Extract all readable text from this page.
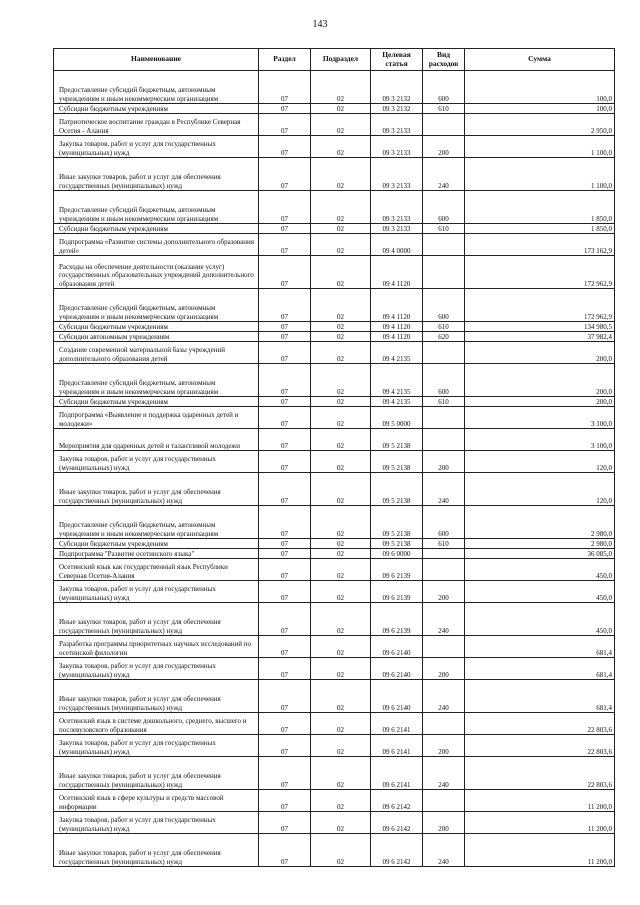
143
Наименование	Раздел	Подраздел	Целевая статья	Вид расходов	Сумма
Предоставление субсидий бюджетным, автономным учреждениям и иным некоммерческим организациям	07	02	09 3 2132	600	100,0
Субсидии бюджетным учреждениям	07	02	09 3 2132	610	100,0
Патриотическое воспитание граждан в Республике Северная Осетия - Алания	07	02	09 3 2133		2 950,0
Закупка товаров, работ и услуг для государственных (муниципальных) нужд	07	02	09 3 2133	200	1 100,0
Иные закупки товаров, работ и услуг для обеспечения государственных (муниципальных) нужд	07	02	09 3 2133	240	1 100,0
Предоставление субсидий бюджетным, автономным учреждениям и иным некоммерческим организациям	07	02	09 3 2133	600	1 850,0
Субсидии бюджетным учреждениям	07	02	09 3 2133	610	1 850,0
Подпрограмма «Развитие системы дополнительного образования детей»	07	02	09 4 0000		173 162,9
Расходы на обеспечение деятельности (оказание услуг) государственных образовательных учреждений дополнительного образования детей	07	02	09 4 1120		172 962,9
Предоставление субсидий бюджетным, автономным учреждениям и иным некоммерческим организациям	07	02	09 4 1120	600	172 962,9
Субсидии бюджетным учреждениям	07	02	09 4 1120	610	134 980,5
Субсидии автономным учреждениям	07	02	09 4 1120	620	37 982,4
Создание современной материальной базы учреждений дополнительного образования детей	07	02	09 4 2135		200,0
Предоставление субсидий бюджетным, автономным учреждениям и иным некоммерческим организациям	07	02	09 4 2135	600	200,0
Субсидии бюджетным учреждениям	07	02	09 4 2135	610	200,0
Подпрограмма «Выявление и поддержка одаренных детей и молодежи»	07	02	09 5 0000		3 100,0
Мероприятия для одаренных детей и талантливой молодежи	07	02	09 5 2138		3 100,0
Закупка товаров, работ и услуг для государственных (муниципальных) нужд	07	02	09 5 2138	200	120,0
Иные закупки товаров, работ и услуг для обеспечения государственных (муниципальных) нужд	07	02	09 5 2138	240	120,0
Предоставление субсидий бюджетным, автономным учреждениям и иным некоммерческим организациям	07	02	09 5 2138	600	2 980,0
Субсидии бюджетным учреждениям	07	02	09 5 2138	610	2 980,0
Подпрограмма "Развитие осетинского языка"	07	02	09 6 0000		36 085,0
Осетинский язык как государственный язык Республики Северная Осетия-Алания	07	02	09 6 2139		450,0
Закупка товаров, работ и услуг для государственных (муниципальных) нужд	07	02	09 6 2139	200	450,0
Иные закупки товаров, работ и услуг для обеспечения государственных (муниципальных) нужд	07	02	09 6 2139	240	450,0
Разработка программы приоритетных научных исследований по осетинской филологии	07	02	09 6 2140		681,4
Закупка товаров, работ и услуг для государственных (муниципальных) нужд	07	02	09 6 2140	200	681,4
Иные закупки товаров, работ и услуг для обеспечения государственных (муниципальных) нужд	07	02	09 6 2140	240	681,4
Осетинский язык в системе дошкольного, среднего, высшего и послевузовского образования	07	02	09 6 2141		22 803,6
Закупка товаров, работ и услуг для государственных (муниципальных) нужд	07	02	09 6 2141	200	22 803,6
Иные закупки товаров, работ и услуг для обеспечения государственных (муниципальных) нужд	07	02	09 6 2141	240	22 803,6
Осетинский язык в сфере культуры и средств массовой информации	07	02	09 6 2142		11 200,0
Закупка товаров, работ и услуг для государственных (муниципальных) нужд	07	02	09 6 2142	200	11 200,0
Иные закупки товаров, работ и услуг для обеспечения государственных (муниципальных) нужд	07	02	09 6 2142	240	11 200,0
